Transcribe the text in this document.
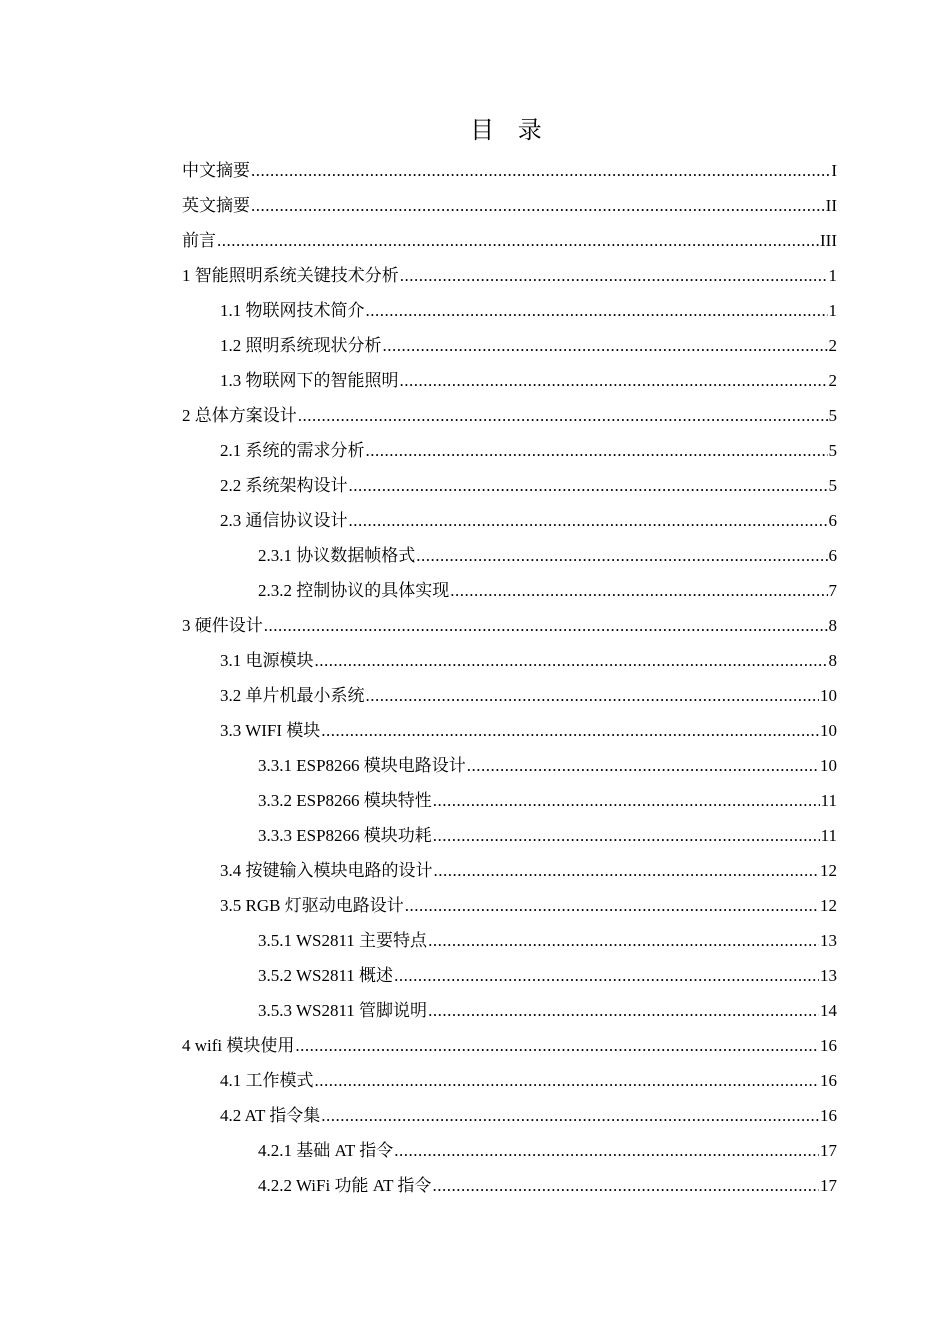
目 录
中文摘要 .....	I
英文摘要 .....	II
前言 .....	III
1 智能照明系统关键技术分析 .....	1
1.1 物联网技术简介 .....	1
1.2 照明系统现状分析 .....	2
1.3 物联网下的智能照明 .....	2
2 总体方案设计 .....	5
2.1 系统的需求分析 .....	5
2.2 系统架构设计 .....	5
2.3 通信协议设计 .....	6
2.3.1 协议数据帧格式 .....	6
2.3.2 控制协议的具体实现 .....	7
3 硬件设计 .....	8
3.1 电源模块 .....	8
3.2 单片机最小系统 .....	10
3.3 WIFI 模块 .....	10
3.3.1 ESP8266 模块电路设计 .....	10
3.3.2 ESP8266 模块特性 .....	11
3.3.3 ESP8266 模块功耗 .....	11
3.4 按键输入模块电路的设计 .....	12
3.5 RGB 灯驱动电路设计 .....	12
3.5.1 WS2811 主要特点 .....	13
3.5.2 WS2811 概述 .....	13
3.5.3 WS2811 管脚说明 .....	14
4 wifi 模块使用 .....	16
4.1 工作模式 .....	16
4.2 AT 指令集 .....	16
4.2.1 基础 AT 指令 .....	17
4.2.2 WiFi 功能 AT 指令 .....	17
